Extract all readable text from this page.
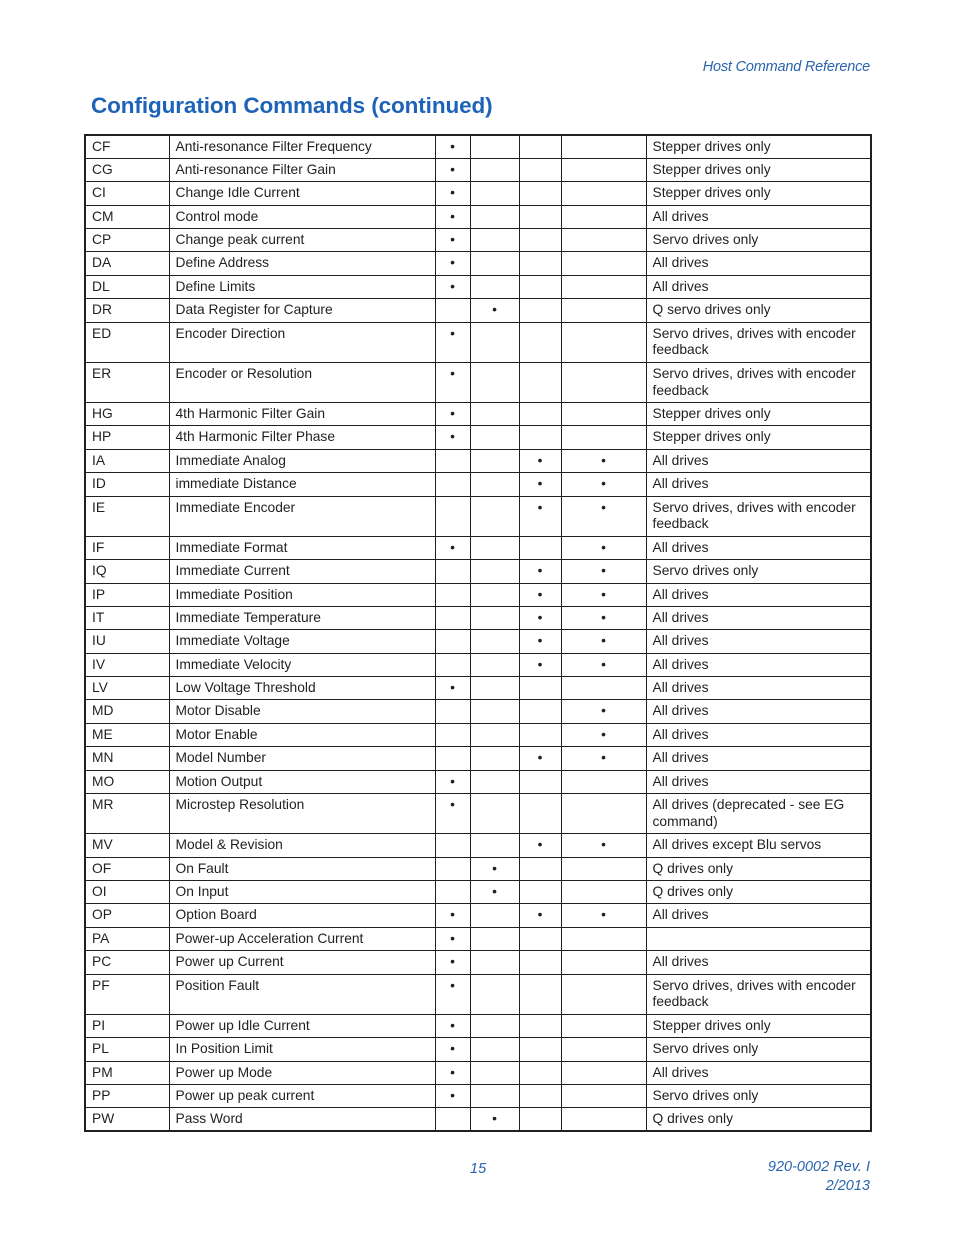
Host Command Reference
Configuration Commands (continued)
CF	Anti-resonance Filter Frequency	•				Stepper drives only
CG	Anti-resonance Filter Gain	•				Stepper drives only
CI	Change Idle Current	•				Stepper drives only
CM	Control mode	•				All drives
CP	Change peak current	•				Servo drives only
DA	Define Address	•				All drives
DL	Define Limits	•				All drives
DR	Data Register for Capture		•			Q servo drives only
ED	Encoder Direction	•				Servo drives, drives with encoder feedback
ER	Encoder or Resolution	•				Servo drives, drives with encoder feedback
HG	4th Harmonic Filter Gain	•				Stepper drives only
HP	4th Harmonic Filter Phase	•				Stepper drives only
IA	Immediate Analog			•	•	All drives
ID	immediate Distance			•	•	All drives
IE	Immediate Encoder			•	•	Servo drives, drives with encoder feedback
IF	Immediate Format	•			•	All drives
IQ	Immediate Current			•	•	Servo drives only
IP	Immediate Position			•	•	All drives
IT	Immediate Temperature			•	•	All drives
IU	Immediate Voltage			•	•	All drives
IV	Immediate Velocity			•	•	All drives
LV	Low Voltage Threshold	•				All drives
MD	Motor Disable				•	All drives
ME	Motor Enable				•	All drives
MN	Model Number			•	•	All drives
MO	Motion Output	•				All drives
MR	Microstep Resolution	•				All drives (deprecated - see EG command)
MV	Model & Revision			•	•	All drives except Blu servos
OF	On Fault		•			Q drives only
OI	On Input		•			Q drives only
OP	Option Board	•		•	•	All drives
PA	Power-up Acceleration Current	•				
PC	Power up Current	•				All drives
PF	Position Fault	•				Servo drives, drives with encoder feedback
PI	Power up Idle Current	•				Stepper drives only
PL	In Position Limit	•				Servo drives only
PM	Power up Mode	•				All drives
PP	Power up peak current	•				Servo drives only
PW	Pass Word		•			Q drives only
15	920-0002 Rev. I
2/2013
